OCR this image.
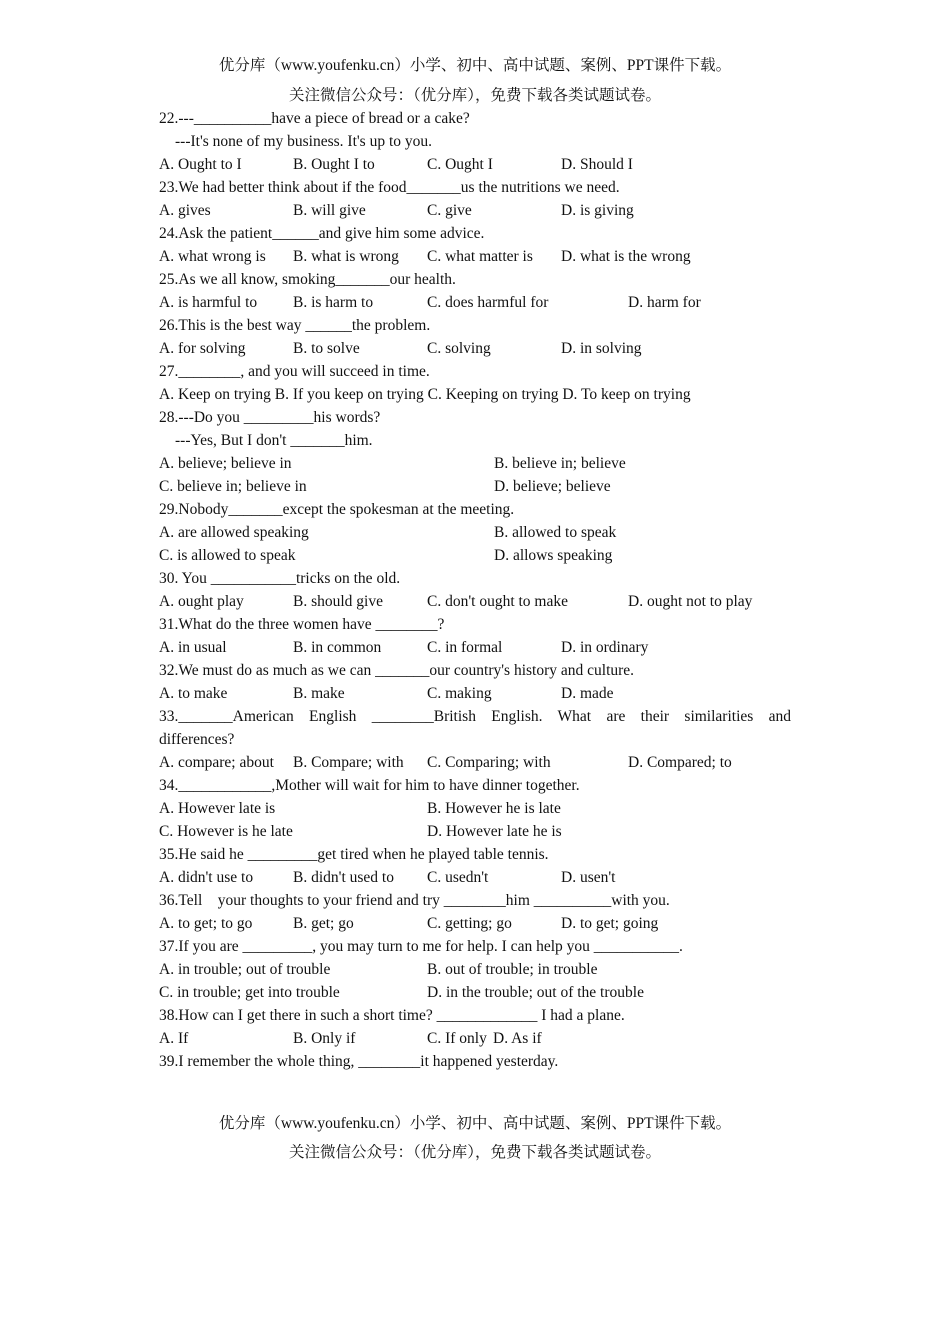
优分库（www.youfenku.cn）小学、初中、高中试题、案例、PPT课件下载。
关注微信公众号：（优分库），免费下载各类试题试卷。
22.---__________have a piece of bread or a cake?
---It's none of my business. It's up to you.
A. Ought to I	B. Ought I to	C. Ought I	D. Should I
23.We had better think about if the food_______us the nutritions we need.
A. gives	B. will give	C. give	D. is giving
24.Ask the patient______and give him some advice.
A. what wrong is B. what is wrong C. what matter is D. what is the wrong
25.As we all know, smoking_______our health.
A. is harmful to B. is harm to	C. does harmful for	D. harm for
26.This is the best way ______the problem.
A. for solving	B. to solve	C. solving	D. in solving
27.________, and you will succeed in time.
A. Keep on trying B. If you keep on trying C. Keeping on trying D. To keep on trying
28.---Do you _________his words?
---Yes, But I don't _______him.
A. believe; believe in	B. believe in; believe
C. believe in; believe in	D. believe; believe
29.Nobody_______except the spokesman at the meeting.
A. are allowed speaking	B. allowed to speak
C. is allowed to speak	D. allows speaking
30. You ___________tricks on the old.
A. ought play	B. should give	C. don't ought to make	D. ought not to play
31.What do the three women have ________?
A. in usual	B. in common	C. in formal	D. in ordinary
32.We must do as much as we can _______our country's history and culture.
A. to make	B. make	C. making	D. made
33._______American English ________British English. What are their similarities and
differences?
A. compare; about B. Compare; with C. Comparing; with	D. Compared; to
34.____________,Mother will wait for him to have dinner together.
A. However late is	B. However he is late
C. However is he late	D. However late he is
35.He said he _________get tired when he played table tennis.
A. didn't use to	B. didn't used to C. usedn't	D. usen't
36.Tell    your thoughts to your friend and try ________him __________with you.
A. to get; to go	B. get; go	C. getting; go	D. to get; going
37.If you are _________, you may turn to me for help. I can help you ___________.
A. in trouble; out of trouble	B. out of trouble; in trouble
C. in trouble; get into trouble	D. in the trouble; out of the trouble
38.How can I get there in such a short time? _____________ I had a plane.
A. If	B. Only if	C. If only D. As if
39.I remember the whole thing, ________it happened yesterday.
优分库（www.youfenku.cn）小学、初中、高中试题、案例、PPT课件下载。
关注微信公众号：（优分库），免费下载各类试题试卷。
